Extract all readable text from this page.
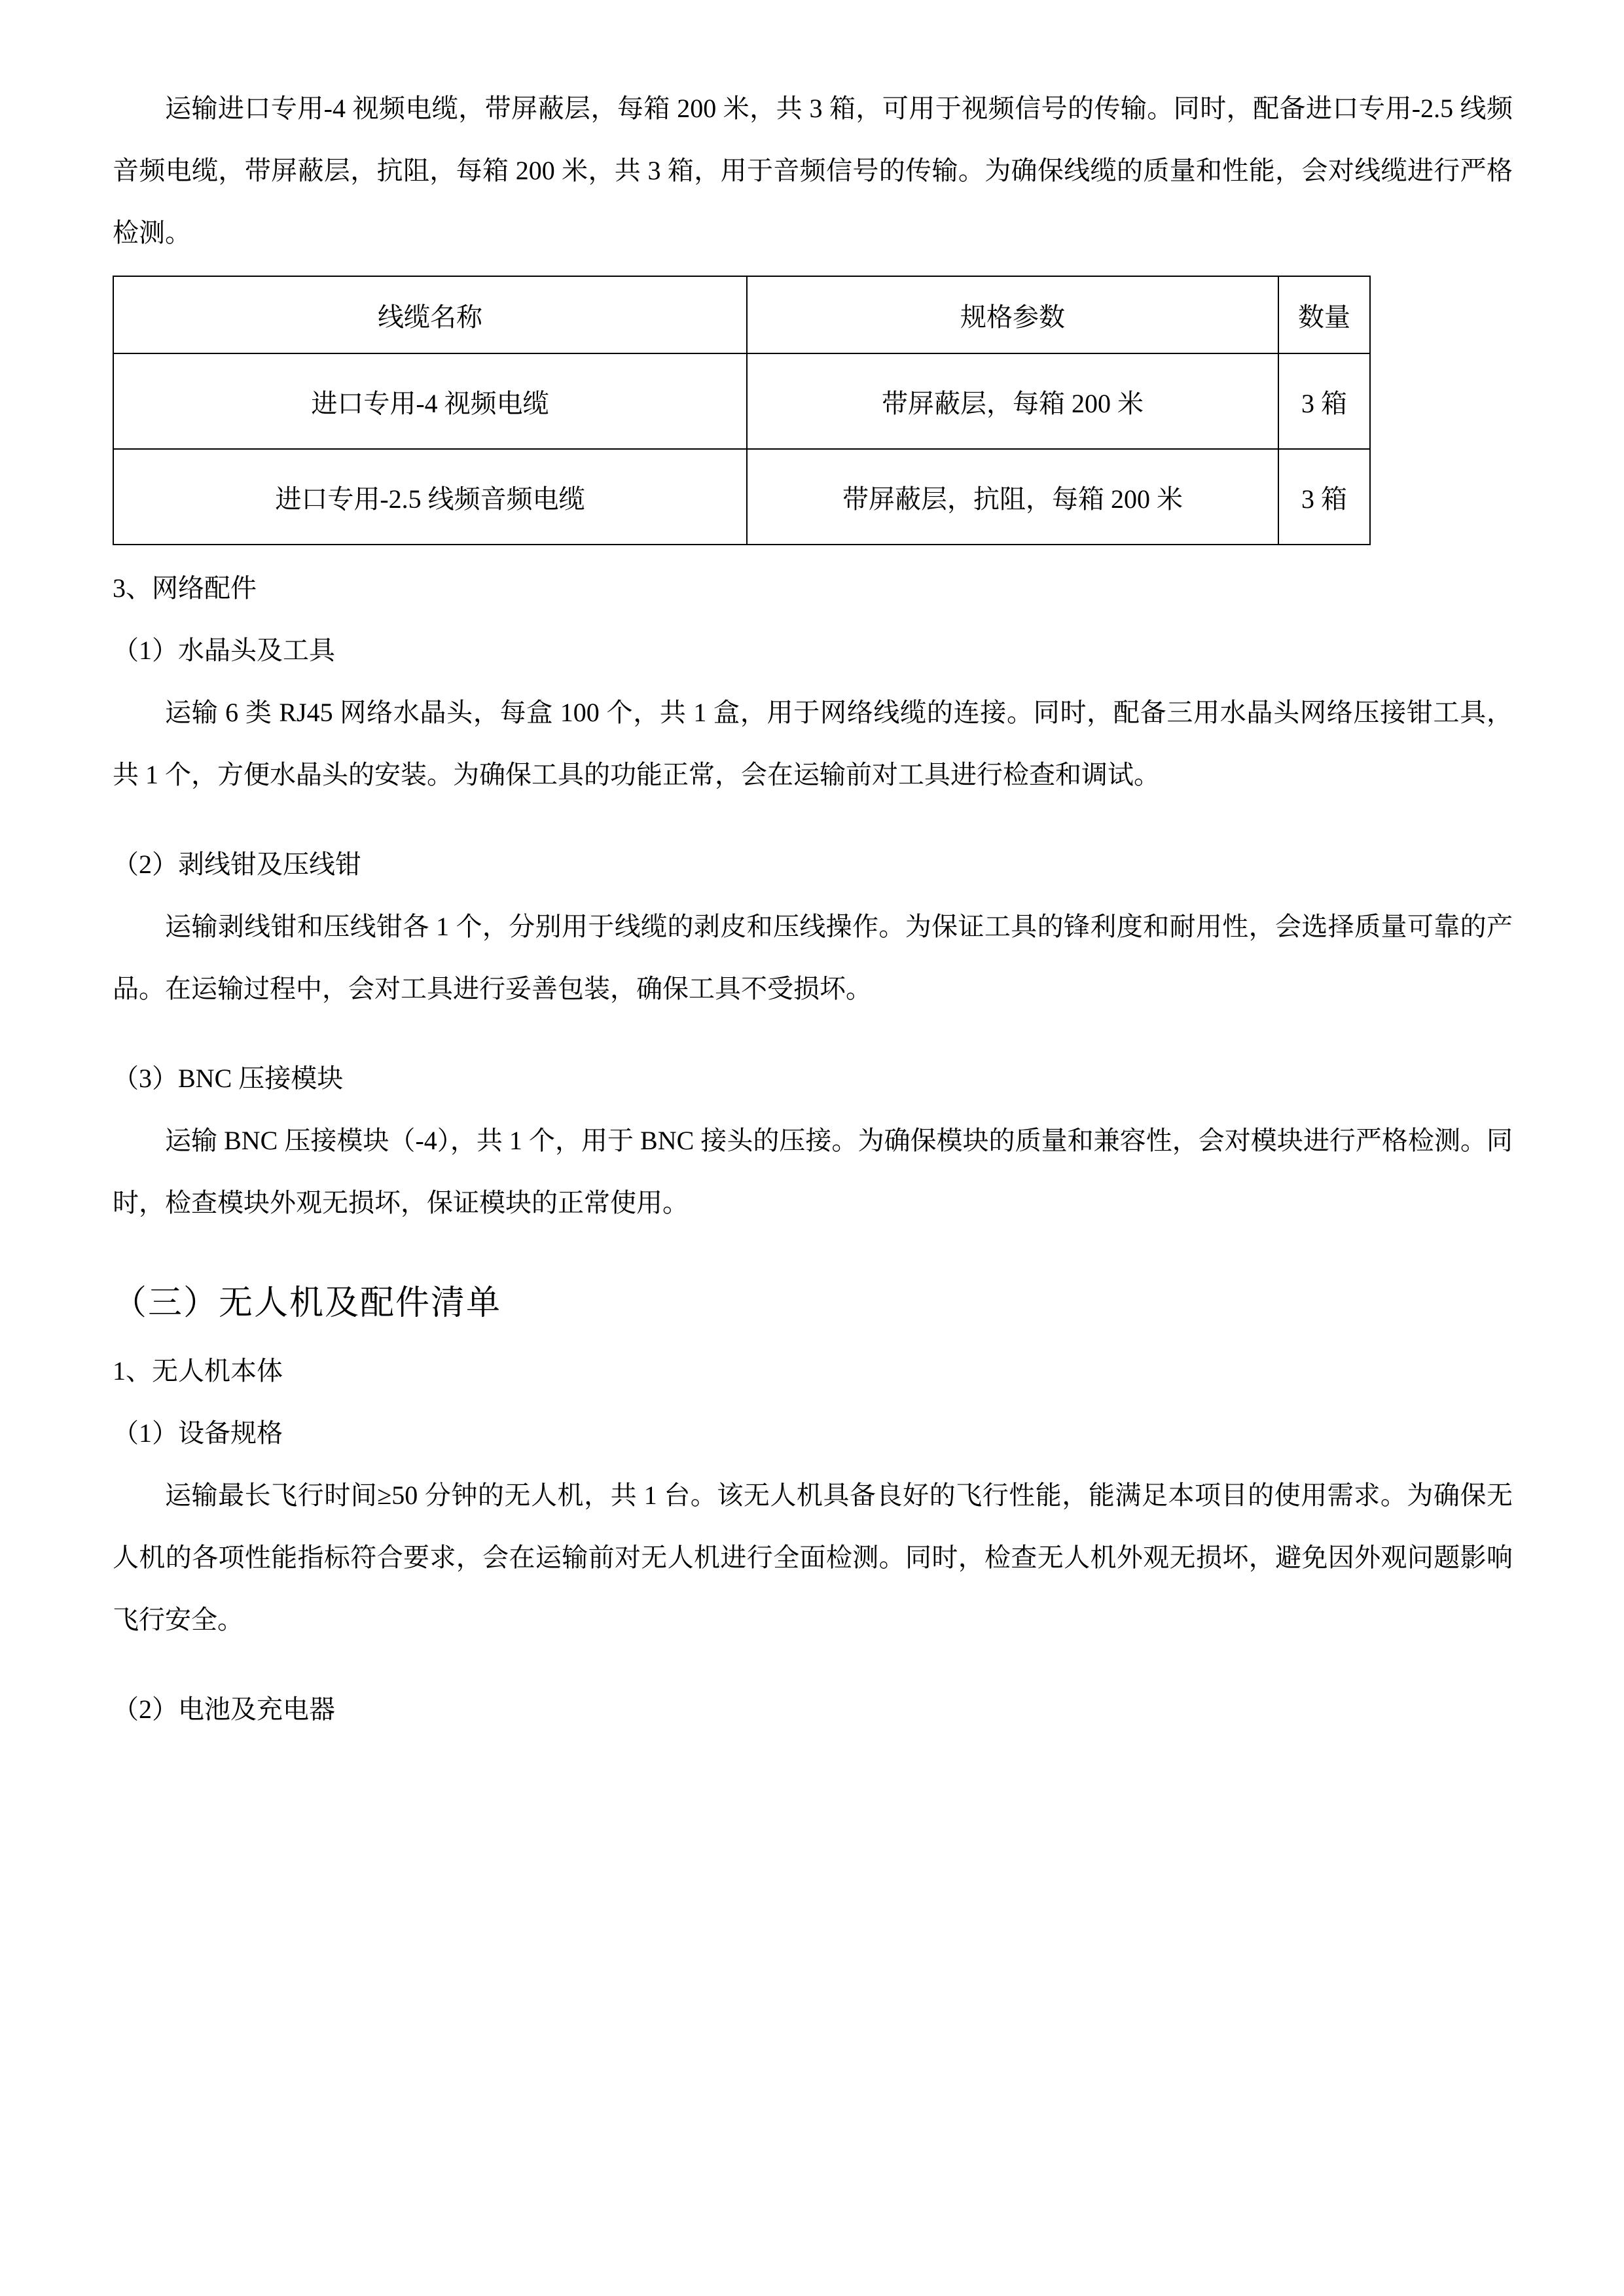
运输进口专用-4 视频电缆，带屏蔽层，每箱 200 米，共 3 箱，可用于视频信号的传输。同时，配备进口专用-2.5 线频音频电缆，带屏蔽层，抗阻，每箱 200 米，共 3 箱，用于音频信号的传输。为确保线缆的质量和性能，会对线缆进行严格检测。

线缆名称	规格参数	数量
进口专用-4 视频电缆	带屏蔽层，每箱 200 米	3 箱
进口专用-2.5 线频音频电缆	带屏蔽层，抗阻，每箱 200 米	3 箱

3、网络配件

（1）水晶头及工具

运输 6 类 RJ45 网络水晶头，每盒 100 个，共 1 盒，用于网络线缆的连接。同时，配备三用水晶头网络压接钳工具，共 1 个，方便水晶头的安装。为确保工具的功能正常，会在运输前对工具进行检查和调试。

（2）剥线钳及压线钳

运输剥线钳和压线钳各 1 个，分别用于线缆的剥皮和压线操作。为保证工具的锋利度和耐用性，会选择质量可靠的产品。在运输过程中，会对工具进行妥善包装，确保工具不受损坏。

（3）BNC 压接模块

运输 BNC 压接模块（-4），共 1 个，用于 BNC 接头的压接。为确保模块的质量和兼容性，会对模块进行严格检测。同时，检查模块外观无损坏，保证模块的正常使用。

（三）无人机及配件清单

1、无人机本体

（1）设备规格

运输最长飞行时间≥50 分钟的无人机，共 1 台。该无人机具备良好的飞行性能，能满足本项目的使用需求。为确保无人机的各项性能指标符合要求，会在运输前对无人机进行全面检测。同时，检查无人机外观无损坏，避免因外观问题影响飞行安全。

（2）电池及充电器
